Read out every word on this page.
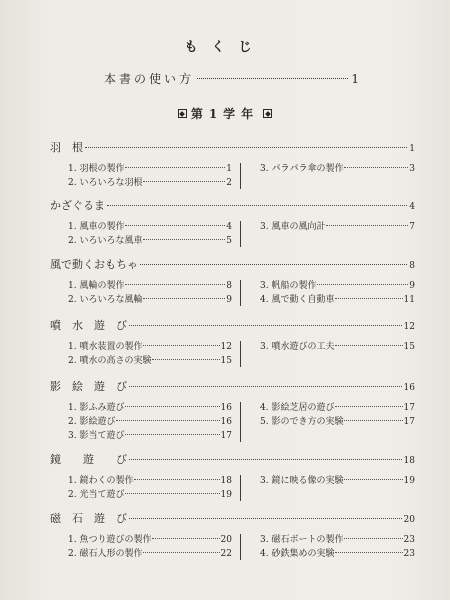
もくじ
本書の使い方	1
第1学年
羽　根	1
1. 羽根の製作	1
2. いろいろな羽根	2
3. パラパラ傘の製作	3
かざぐるま	4
1. 風車の製作	4
2. いろいろな風車	5
3. 風車の風向計	7
風で動くおもちゃ	8
1. 風輪の製作	8
2. いろいろな風輪	9
3. 帆船の製作	9
4. 風で動く自動車	11
噴　水　遊　び	12
1. 噴水装置の製作	12
2. 噴水の高さの実験	15
3. 噴水遊びの工夫	15
影　絵　遊　び	16
1. 影ふみ遊び	16
2. 影絵遊び	16
3. 影当て遊び	17
4. 影絵芝居の遊び	17
5. 影のでき方の実験	17
鏡　　遊　　び	18
1. 鏡わくの製作	18
2. 光当て遊び	19
3. 鏡に映る像の実験	19
磁　石　遊　び	20
1. 魚つり遊びの製作	20
2. 磁石人形の製作	22
3. 磁石ボートの製作	23
4. 砂鉄集めの実験	23
